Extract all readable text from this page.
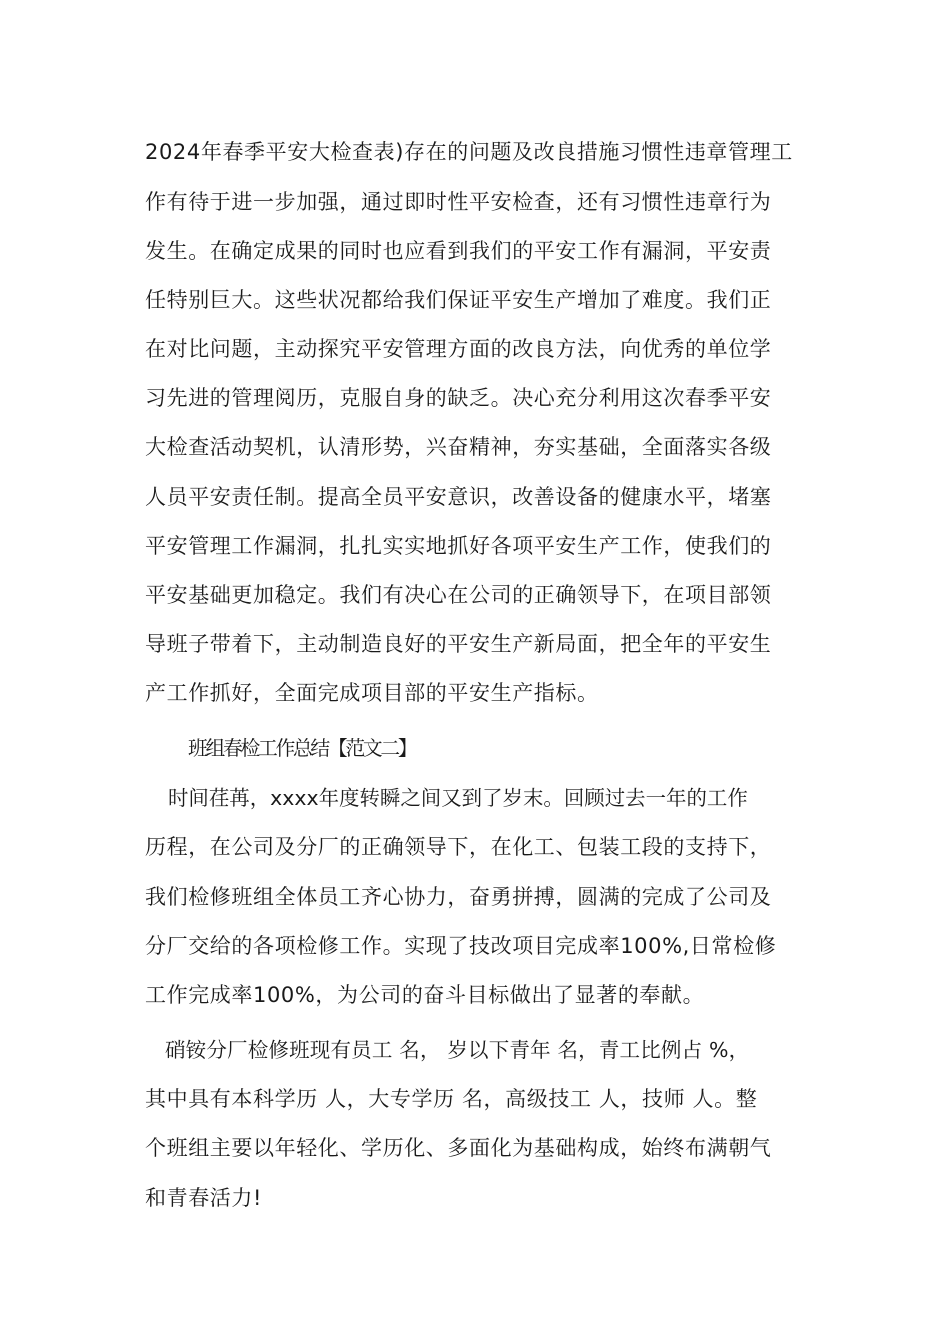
2024年春季平安大检查表)存在的问题及改良措施习惯性违章管理工
作有待于进一步加强，通过即时性平安检查，还有习惯性违章行为
发生。在确定成果的同时也应看到我们的平安工作有漏洞，平安责
任特别巨大。这些状况都给我们保证平安生产增加了难度。我们正
在对比问题，主动探究平安管理方面的改良方法，向优秀的单位学
习先进的管理阅历，克服自身的缺乏。决心充分利用这次春季平安
大检查活动契机，认清形势，兴奋精神，夯实基础，全面落实各级
人员平安责任制。提高全员平安意识，改善设备的健康水平，堵塞
平安管理工作漏洞，扎扎实实地抓好各项平安生产工作，使我们的
平安基础更加稳定。我们有决心在公司的正确领导下，在项目部领
导班子带着下，主动制造良好的平安生产新局面，把全年的平安生
产工作抓好，全面完成项目部的平安生产指标。
班组春检工作总结【范文二】
时间荏苒，xxxx年度转瞬之间又到了岁末。回顾过去一年的工作
历程，在公司及分厂的正确领导下，在化工、包装工段的支持下，
我们检修班组全体员工齐心协力，奋勇拼搏，圆满的完成了公司及
分厂交给的各项检修工作。实现了技改项目完成率100%,日常检修
工作完成率100%，为公司的奋斗目标做出了显著的奉献。
硝铵分厂检修班现有员工 名， 岁以下青年 名，青工比例占 %，
其中具有本科学历 人，大专学历 名，高级技工 人，技师 人。整
个班组主要以年轻化、学历化、多面化为基础构成，始终布满朝气
和青春活力!
